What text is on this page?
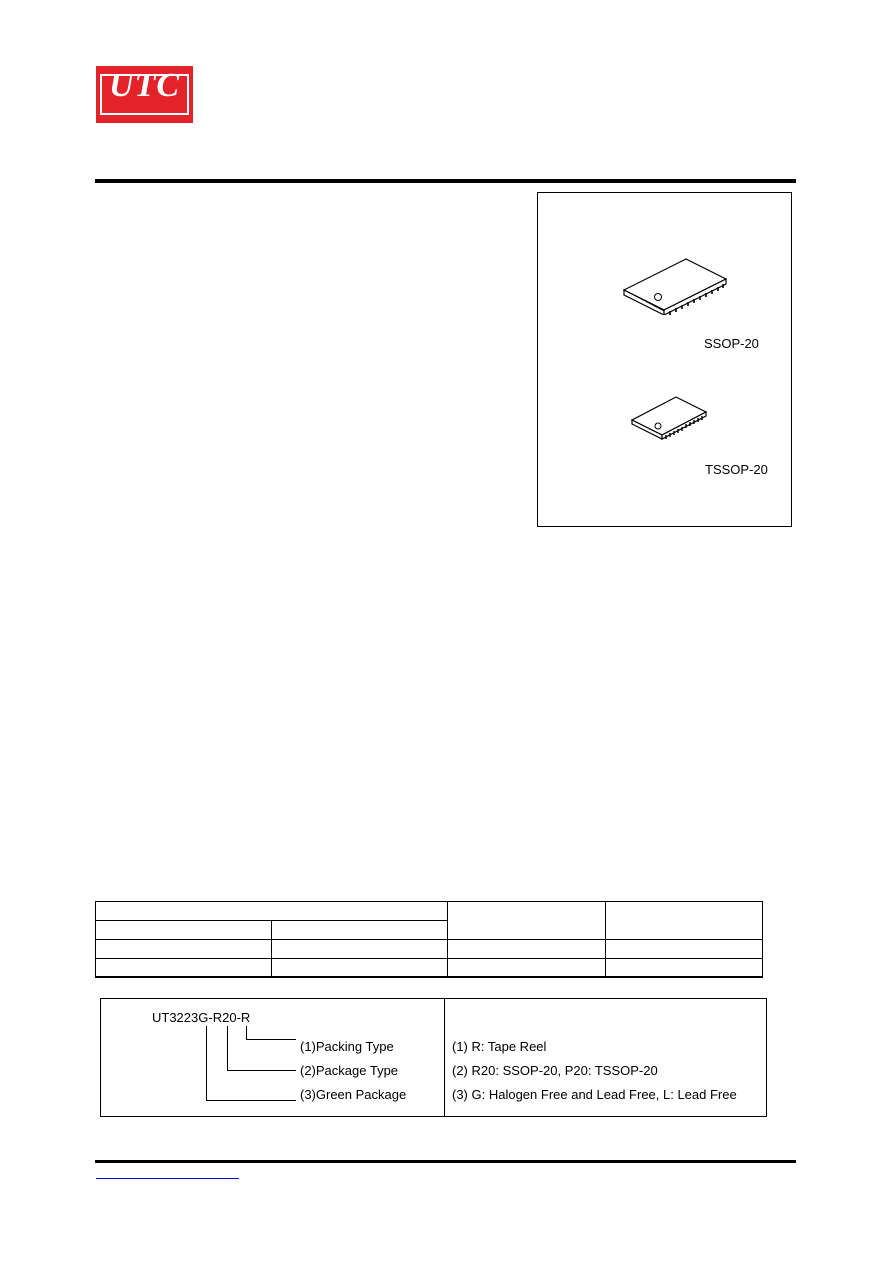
UTC
SSOP-20
TSSOP-20
UT3223G-R20-R
(1)Packing Type
(2)Package Type
(3)Green Package
(1) R: Tape Reel
(2) R20: SSOP-20, P20: TSSOP-20
(3) G: Halogen Free and Lead Free, L: Lead Free
